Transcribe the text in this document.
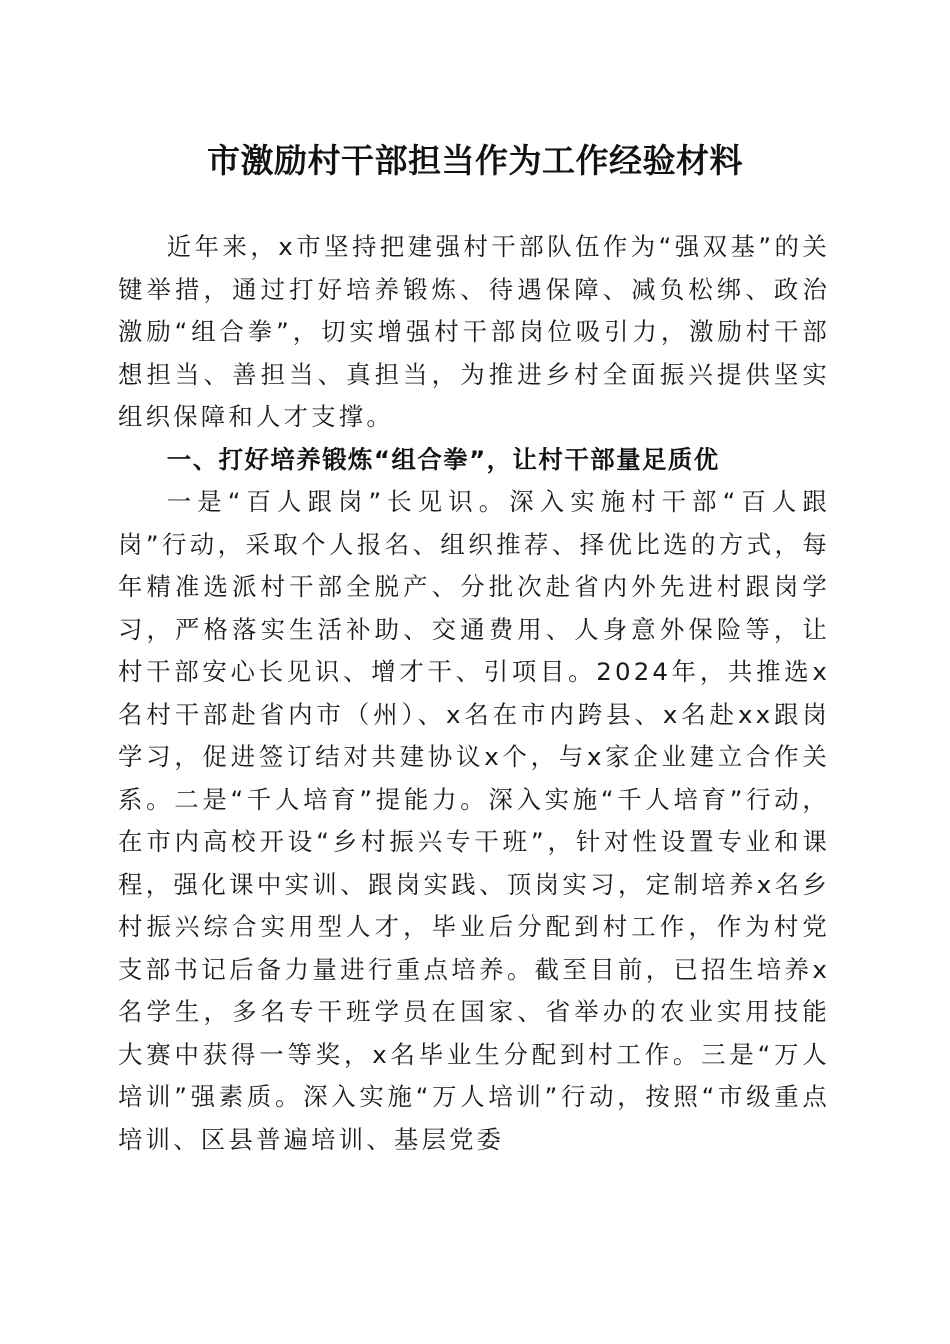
市激励村干部担当作为工作经验材料

近年来，x市坚持把建强村干部队伍作为“强双基”的关键举措，通过打好培养锻炼、待遇保障、减负松绑、政治激励“组合拳”，切实增强村干部岗位吸引力，激励村干部想担当、善担当、真担当，为推进乡村全面振兴提供坚实组织保障和人才支撑。

一、打好培养锻炼“组合拳”，让村干部量足质优

一是“百人跟岗”长见识。深入实施村干部“百人跟岗”行动，采取个人报名、组织推荐、择优比选的方式，每年精准选派村干部全脱产、分批次赴省内外先进村跟岗学习，严格落实生活补助、交通费用、人身意外保险等，让村干部安心长见识、增才干、引项目。2024年，共推选x名村干部赴省内市（州）、x名在市内跨县、x名赴xx跟岗学习，促进签订结对共建协议x个，与x家企业建立合作关系。二是“千人培育”提能力。深入实施“千人培育”行动，在市内高校开设“乡村振兴专干班”，针对性设置专业和课程，强化课中实训、跟岗实践、顶岗实习，定制培养x名乡村振兴综合实用型人才，毕业后分配到村工作，作为村党支部书记后备力量进行重点培养。截至目前，已招生培养x名学生，多名专干班学员在国家、省举办的农业实用技能大赛中获得一等奖，x名毕业生分配到村工作。三是“万人培训”强素质。深入实施“万人培训”行动，按照“市级重点培训、区县普遍培训、基层党委
